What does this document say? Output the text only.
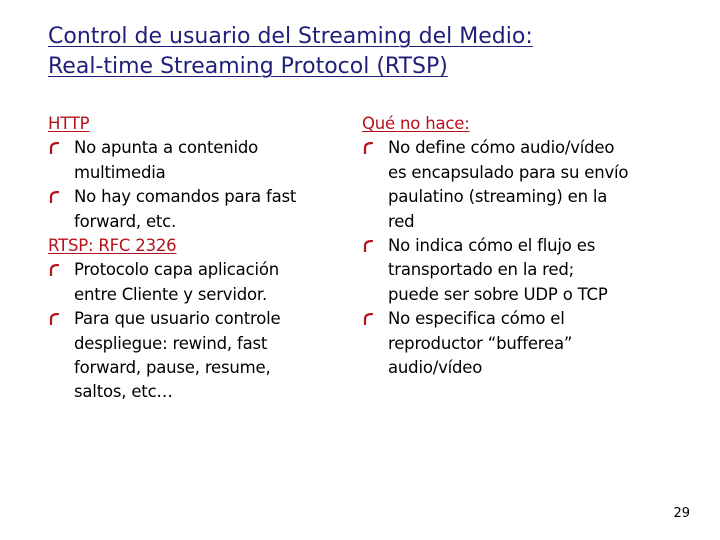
Control de usuario del Streaming del Medio:
Real-time Streaming Protocol (RTSP)
HTTP
No apunta a contenido
multimedia
No hay comandos para fast
forward, etc.
RTSP: RFC 2326
Protocolo capa aplicación
entre Cliente y servidor.
Para que usuario controle
despliegue: rewind, fast
forward, pause, resume,
saltos, etc…
Qué no hace:
No define cómo audio/vídeo
es encapsulado para su envío
paulatino (streaming) en la
red
No indica cómo el flujo es
transportado en la red;
puede ser sobre UDP o TCP
No especifica cómo el
reproductor “bufferea”
audio/vídeo
29
